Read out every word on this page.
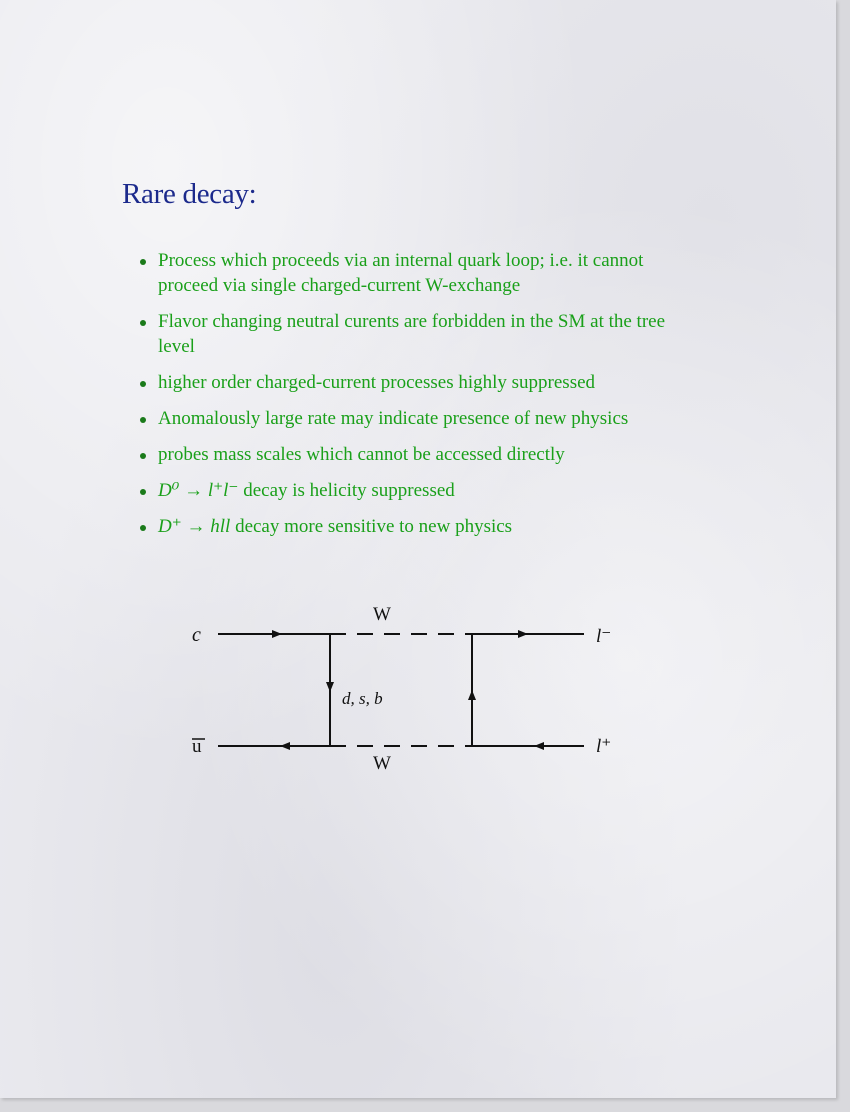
Rare decay:
Process which proceeds via an internal quark loop; i.e. it cannot proceed via single charged-current W-exchange
Flavor changing neutral curents are forbidden in the SM at the tree level
higher order charged-current processes highly suppressed
Anomalously large rate may indicate presence of new physics
probes mass scales which cannot be accessed directly
D⁰ → l⁺l⁻ decay is helicity suppressed
D⁺ → hll decay more sensitive to new physics
c
u
W
W
d, s, b
l⁻
l⁺
